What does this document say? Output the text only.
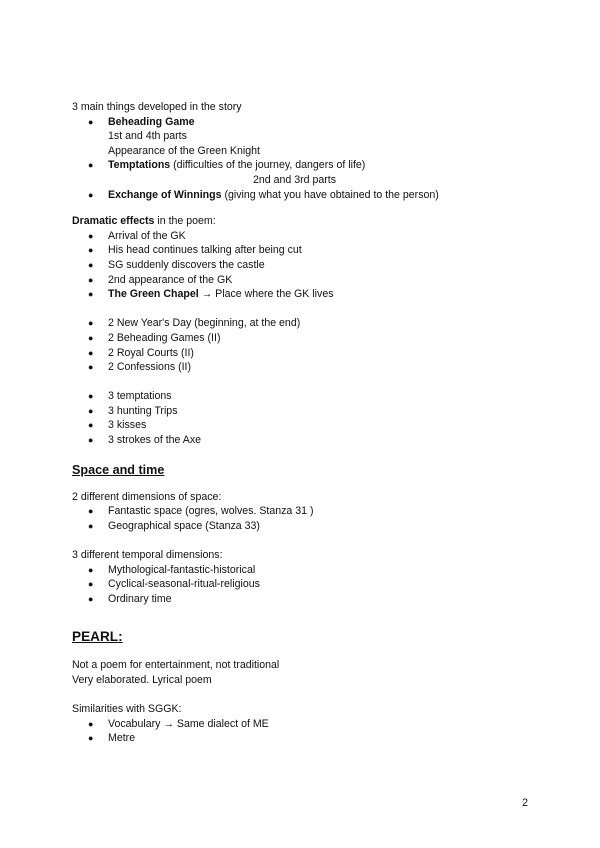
3 main things developed in the story

● Beheading Game
1st and 4th parts
Appearance of the Green Knight
● Temptations (difficulties of the journey, dangers of life)
2nd and 3rd parts
● Exchange of Winnings (giving what you have obtained to the person)

Dramatic effects in the poem:

● Arrival of the GK
● His head continues talking after being cut
● SG suddenly discovers the castle
● 2nd appearance of the GK
● The Green Chapel → Place where the GK lives
● 2 New Year's Day (beginning, at the end)
● 2 Beheading Games (II)
● 2 Royal Courts (II)
● 2 Confessions (II)
● 3 temptations
● 3 hunting Trips
● 3 kisses
● 3 strokes of the Axe
Space and time

2 different dimensions of space:

● Fantastic space (ogres, wolves. Stanza 31 )
● Geographical space (Stanza 33)

3 different temporal dimensions:

● Mythological-fantastic-historical
● Cyclical-seasonal-ritual-religious
● Ordinary time
PEARL:

Not a poem for entertainment, not traditional

Very elaborated. Lyrical poem

Similarities with SGGK:

● Vocabulary → Same dialect of ME
● Metre
2
